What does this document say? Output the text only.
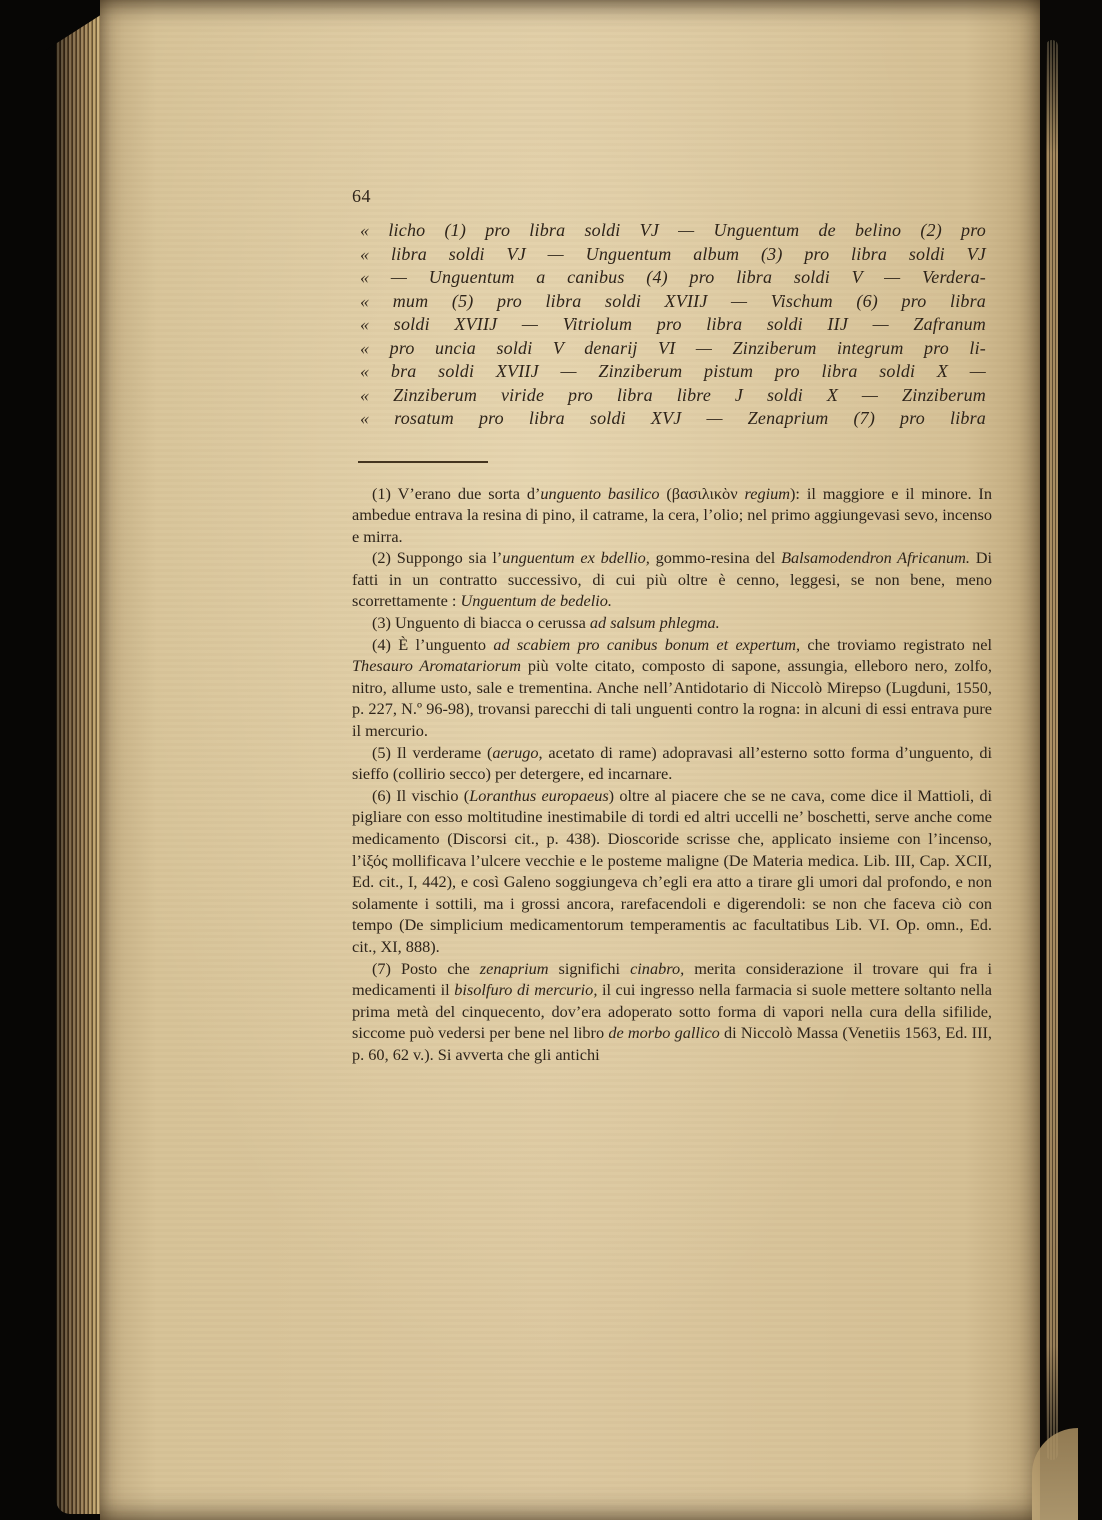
64
« licho (1) pro libra soldi VJ — Unguentum de belino (2) pro
« libra soldi VJ — Unguentum album (3) pro libra soldi VJ
« — Unguentum a canibus (4) pro libra soldi V — Verdera-
« mum (5) pro libra soldi XVIIJ — Vischum (6) pro libra
« soldi XVIIJ — Vitriolum pro libra soldi IIJ — Zafranum
« pro uncia soldi V denarij VI — Zinziberum integrum pro li-
« bra soldi XVIIJ — Zinziberum pistum pro libra soldi X —
« Zinziberum viride pro libra libre J soldi X — Zinziberum
« rosatum pro libra soldi XVJ — Zenaprium (7) pro libra

(1) V’erano due sorta d’unguento basilico (βασιλικὸν regium): il maggiore e il minore. In ambedue entrava la resina di pino, il catrame, la cera, l’olio; nel primo aggiungevasi sevo, incenso e mirra.

(2) Suppongo sia l’unguentum ex bdellio, gommo-resina del Balsamodendron Africanum. Di fatti in un contratto successivo, di cui più oltre è cenno, leggesi, se non bene, meno scorrettamente : Unguentum de bedelio.

(3) Unguento di biacca o cerussa ad salsum phlegma.

(4) È l’unguento ad scabiem pro canibus bonum et expertum, che troviamo registrato nel Thesauro Aromatariorum più volte citato, composto di sapone, assungia, elleboro nero, zolfo, nitro, allume usto, sale e trementina. Anche nell’Antidotario di Niccolò Mirepso (Lugduni, 1550, p. 227, N.º 96-98), trovansi parecchi di tali unguenti contro la rogna: in alcuni di essi entrava pure il mercurio.

(5) Il verderame (aerugo, acetato di rame) adopravasi all’esterno sotto forma d’unguento, di sieffo (collirio secco) per detergere, ed incarnare.

(6) Il vischio (Loranthus europaeus) oltre al piacere che se ne cava, come dice il Mattioli, di pigliare con esso moltitudine inestimabile di tordi ed altri uccelli ne’ boschetti, serve anche come medicamento (Discorsi cit., p. 438). Dioscoride scrisse che, applicato insieme con l’incenso, l’ἰξός mollificava l’ulcere vecchie e le posteme maligne (De Materia medica. Lib. III, Cap. XCII, Ed. cit., I, 442), e così Galeno soggiungeva ch’egli era atto a tirare gli umori dal profondo, e non solamente i sottili, ma i grossi ancora, rarefacendoli e digerendoli: se non che faceva ciò con tempo (De simplicium medicamentorum temperamentis ac facultatibus Lib. VI. Op. omn., Ed. cit., XI, 888).

(7) Posto che zenaprium significhi cinabro, merita considerazione il trovare qui fra i medicamenti il bisolfuro di mercurio, il cui ingresso nella farmacia si suole mettere soltanto nella prima metà del cinquecento, dov’era adoperato sotto forma di vapori nella cura della sifilide, siccome può vedersi per bene nel libro de morbo gallico di Niccolò Massa (Venetiis 1563, Ed. III, p. 60, 62 v.). Si avverta che gli antichi
